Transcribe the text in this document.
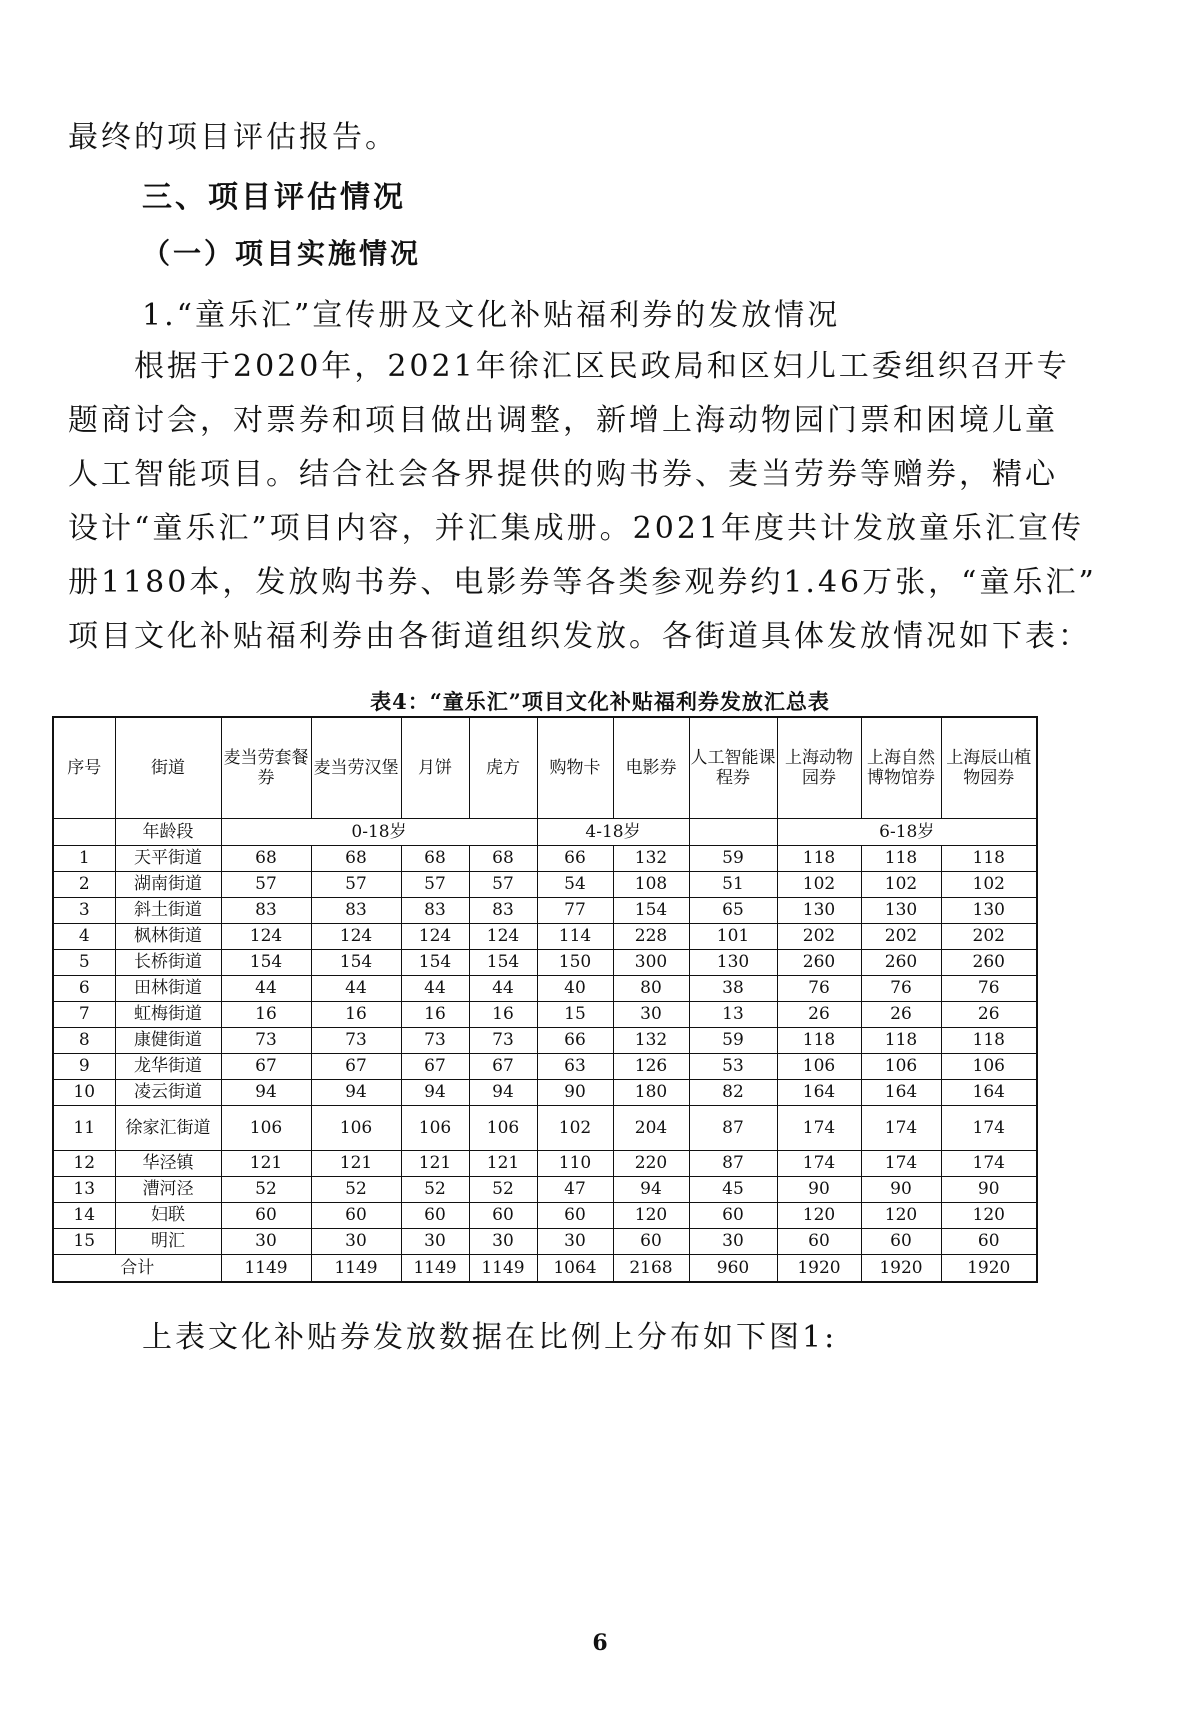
最终的项目评估报告。
三、项目评估情况
（一）项目实施情况
1.“童乐汇”宣传册及文化补贴福利券的发放情况
根据于2020年，2021年徐汇区民政局和区妇儿工委组织召开专
题商讨会，对票券和项目做出调整，新增上海动物园门票和困境儿童
人工智能项目。结合社会各界提供的购书券、麦当劳券等赠券，精心
设计“童乐汇”项目内容，并汇集成册。2021年度共计发放童乐汇宣传
册1180本，发放购书券、电影券等各类参观券约1.46万张，“童乐汇”
项目文化补贴福利券由各街道组织发放。各街道具体发放情况如下表：
表4：“童乐汇”项目文化补贴福利券发放汇总表
序号	街道	麦当劳套餐券	麦当劳汉堡	月饼	虎方	购物卡	电影券	人工智能课程券	上海动物园券	上海自然博物馆券	上海辰山植物园券
	年龄段	0-18岁				4-18岁			6-18岁		
1	天平街道	68	68	68	68	66	132	59	118	118	118
2	湖南街道	57	57	57	57	54	108	51	102	102	102
3	斜土街道	83	83	83	83	77	154	65	130	130	130
4	枫林街道	124	124	124	124	114	228	101	202	202	202
5	长桥街道	154	154	154	154	150	300	130	260	260	260
6	田林街道	44	44	44	44	40	80	38	76	76	76
7	虹梅街道	16	16	16	16	15	30	13	26	26	26
8	康健街道	73	73	73	73	66	132	59	118	118	118
9	龙华街道	67	67	67	67	63	126	53	106	106	106
10	凌云街道	94	94	94	94	90	180	82	164	164	164
11	徐家汇街道	106	106	106	106	102	204	87	174	174	174
12	华泾镇	121	121	121	121	110	220	87	174	174	174
13	漕河泾	52	52	52	52	47	94	45	90	90	90
14	妇联	60	60	60	60	60	120	60	120	120	120
15	明汇	30	30	30	30	30	60	30	60	60	60
合计		1149	1149	1149	1149	1064	2168	960	1920	1920	1920
上表文化补贴券发放数据在比例上分布如下图1:
6
